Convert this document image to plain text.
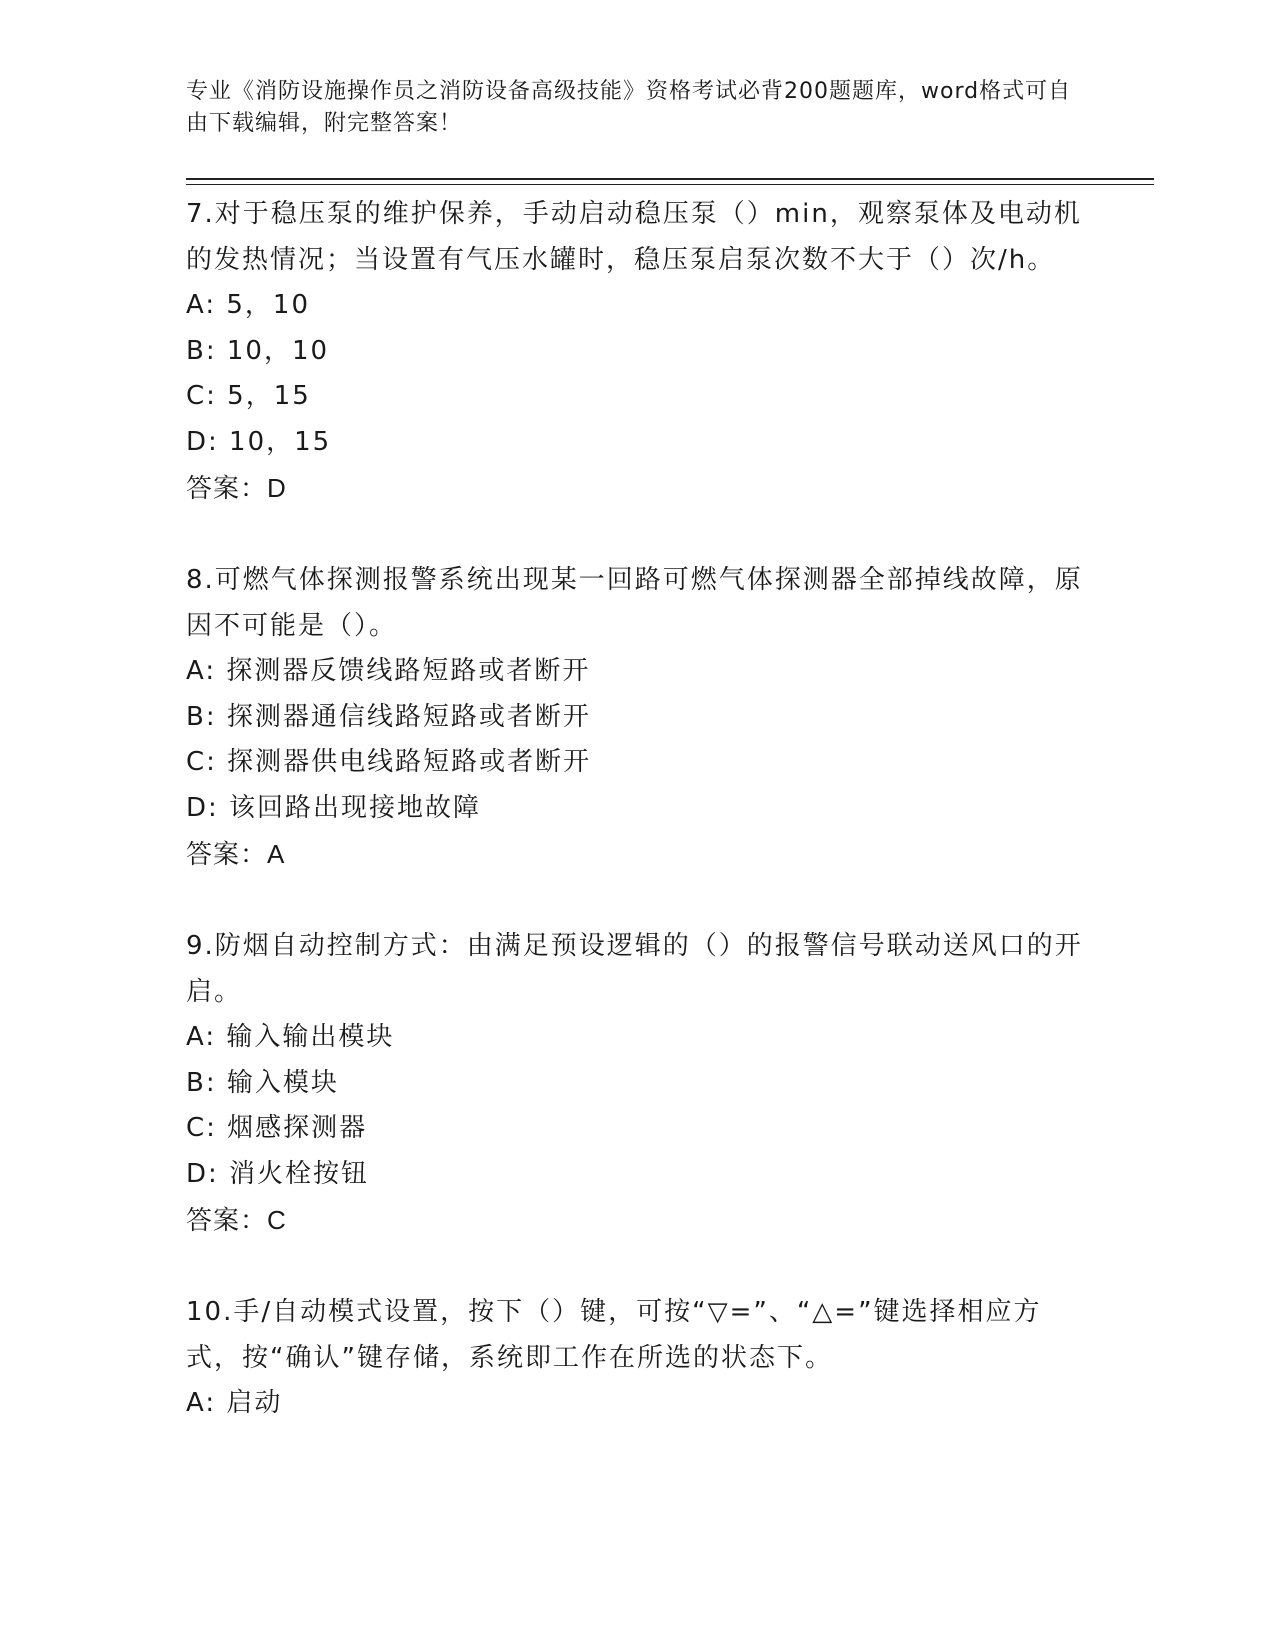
专业《消防设施操作员之消防设备高级技能》资格考试必背200题题库，word格式可自由下载编辑，附完整答案！
7.对于稳压泵的维护保养，手动启动稳压泵（）min，观察泵体及电动机的发热情况；当设置有气压水罐时，稳压泵启泵次数不大于（）次/h。
A: 5，10
B: 10，10
C: 5，15
D: 10，15
答案：D
8.可燃气体探测报警系统出现某一回路可燃气体探测器全部掉线故障，原因不可能是（）。
A: 探测器反馈线路短路或者断开
B: 探测器通信线路短路或者断开
C: 探测器供电线路短路或者断开
D: 该回路出现接地故障
答案：A
9.防烟自动控制方式：由满足预设逻辑的（）的报警信号联动送风口的开启。
A: 输入输出模块
B: 输入模块
C: 烟感探测器
D: 消火栓按钮
答案：C
10.手/自动模式设置，按下（）键，可按“▽=”、“△=”键选择相应方式，按“确认”键存储，系统即工作在所选的状态下。
A: 启动
